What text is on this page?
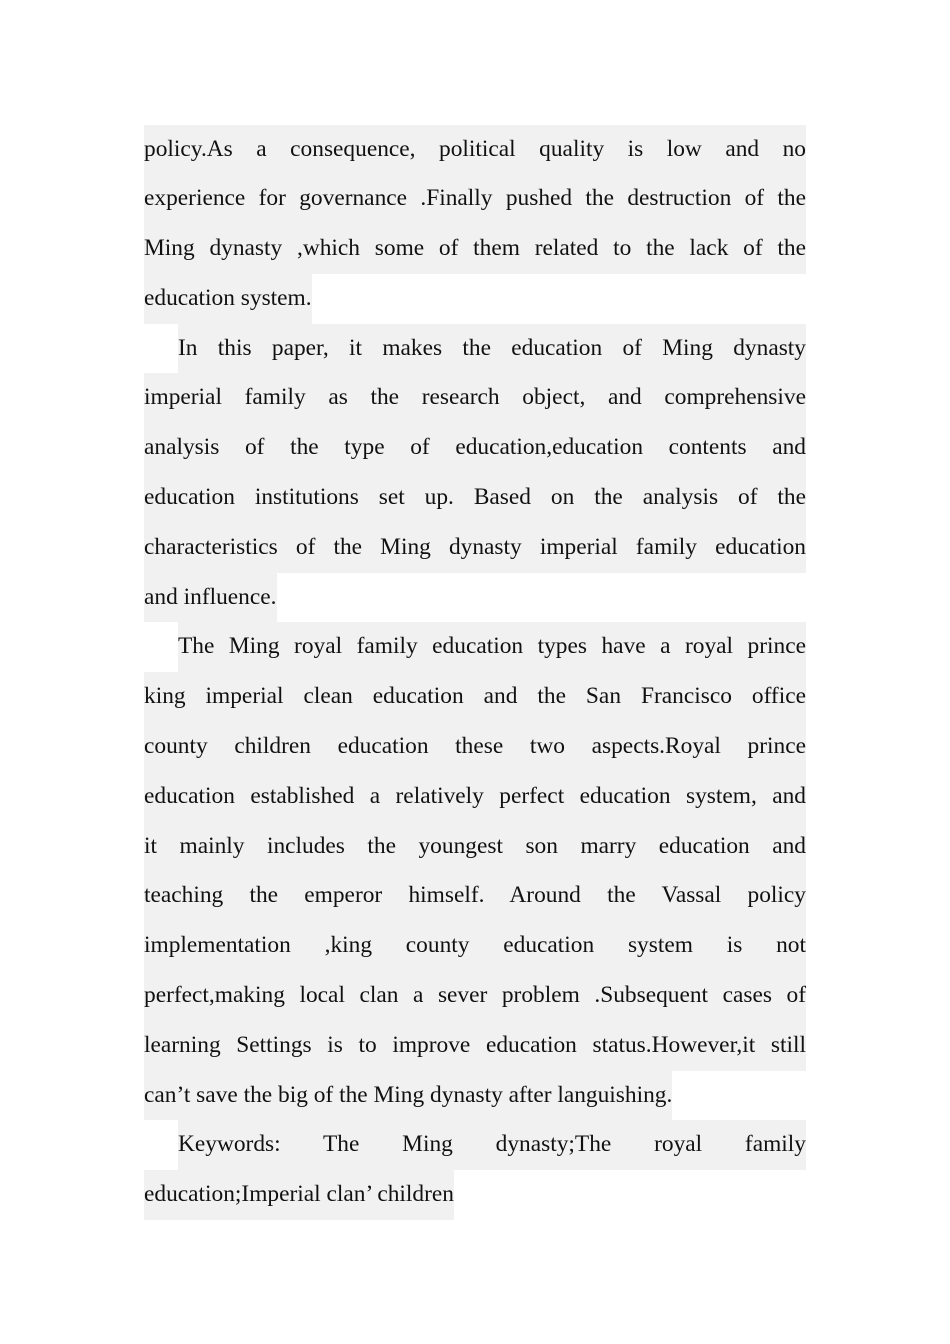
policy.As a consequence, political quality is low and no
experience for governance .Finally pushed the destruction of the
Ming dynasty ,which some of them related to the lack of the
education system.
In this paper, it makes the education of Ming dynasty
imperial family as the research object, and comprehensive
analysis of the type of education,education contents and
education institutions set up. Based on the analysis of the
characteristics of the Ming dynasty imperial family education
and influence.
The Ming royal family education types have a royal prince
king imperial clean education and the San Francisco office
county children education these two aspects.Royal prince
education established a relatively perfect education system, and
it mainly includes the youngest son marry education and
teaching the emperor himself. Around the Vassal policy
implementation ,king county education system is not
perfect,making local clan a sever problem .Subsequent cases of
learning Settings is to improve education status.However,it still
can’t save the big of the Ming dynasty after languishing.
Keywords: The Ming dynasty;The royal family
education;Imperial clan’ children
